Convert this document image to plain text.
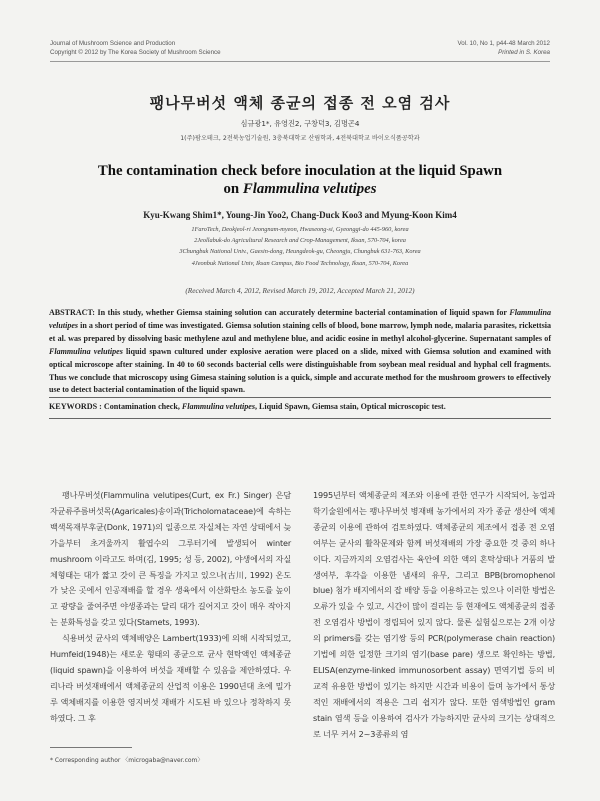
Journal of Mushroom Science and Production
Copyright © 2012 by The Korea Society of Mushroom Science
Vol. 10, No 1, p44-48 March 2012
Printed in S. Korea
팽나무버섯 액체 종균의 접종 전 오염 검사
심규광1*, 유영진2, 구창덕3, 김명곤4
1(주)팜오테크, 2전북농업기술원, 3충북대학교 산림학과, 4전북대학교 바이오식품공학과
The contamination check before inoculation at the liquid Spawn
on Flammulina velutipes
Kyu-Kwang Shim1*, Young-Jin Yoo2, Chang-Duck Koo3 and Myung-Koon Kim4
1FaroTech, Deokjeol-ri Jeongnam-myeon, Hwaseong-si, Gyeonggi-do 445-960, korea
2Jeollabuk-do Agricultural Research and Crop-Management, Iksan, 570-704, korea
3Chungbuk National Univ., Gaesin-dong, Heungdeok-gu, Cheongju, Chungbuk 631-763, Korea
4Jeonbuk National Univ, Iksan Campus, Bio Food Technology, Iksan, 570-704, Korea
(Received March 4, 2012, Revised March 19, 2012, Accepted March 21, 2012)
ABSTRACT: In this study, whether Giemsa staining solution can accurately determine bacterial contamination of liquid spawn for Flammulina velutipes in a short period of time was investigated. Giemsa solution staining cells of blood, bone marrow, lymph node, malaria parasites, rickettsia et al. was prepared by dissolving basic methylene azul and methylene blue, and acidic eosine in methyl alcohol-glycerine. Supernatant samples of Flammulina velutipes liquid spawn cultured under explosive aeration were placed on a slide, mixed with Giemsa solution and examined with optical microscope after staining. In 40 to 60 seconds bacterial cells were distinguishable from soybean meal residual and hyphal cell fragments. Thus we conclude that microscopy using Gimesa staining solution is a quick, simple and accurate method for the mushroom growers to effectively use to detect bacterial contamination of the liquid spawn.
KEYWORDS : Contamination check, Flammulina velutipes, Liquid Spawn, Giemsa stain, Optical microscopic test.

팽나무버섯(Flammulina velutipes(Curt, ex Fr.) Singer) 은담자균류주름버섯목(Agaricales)송이과(Tricholomataceae)에 속하는 백색목재부후균(Donk, 1971)의 일종으로 자실체는 자연 상태에서 늦가을부터 초겨울까지 활엽수의 그루터기에 발생되어 winter mushroom 이라고도 하며(김, 1995; 성 등, 2002), 야생에서의 자실체형태는 대가 짧고 갓이 큰 특징을 가지고 있으나(古川, 1992) 온도가 낮은 곳에서 인공재배를 할 경우 생육에서 이산화탄소 농도를 높이고 광량을 줄여주면 야생종과는 달리 대가 길어지고 갓이 매우 작아지는 분화특성을 갖고 있다(Stamets, 1993).

식용버섯 균사의 액체배양은 Lambert(1933)에 의해 시작되었고, Humfeid(1948)는 새로운 형태의 종균으로 균사 현탁액인 액체종균(liquid spawn)을 이용하여 버섯을 재배할 수 있음을 제안하였다. 우리나라 버섯재배에서 액체종균의 산업적 이용은 1990년대 초에 밀가루 액체배지를 이용한 영지버섯 재배가 시도된 바 있으나 정착하지 못하였다. 그 후

1995년부터 액체종균의 제조와 이용에 관한 연구가 시작되어, 농업과학기술원에서는 팽나무버섯 병재배 농가에서의 자가 종균 생산에 액체종균의 이용에 관하여 검토하였다. 액체종균의 제조에서 접종 전 오염 여부는 균사의 활착문제와 함께 버섯재배의 가장 중요한 것 중의 하나이다. 지금까지의 오염검사는 육안에 의한 액의 혼탁상태나 거품의 발생여부, 후각을 이용한 냄새의 유무, 그리고 BPB(bromophenol blue) 첨가 배지에서의 잡 배양 등을 이용하고는 있으나 이러한 방법은 오류가 있을 수 있고, 시간이 많이 걸리는 등 현재에도 액체종균의 접종 전 오염검사 방법이 정립되어 있지 않다. 물론 실험실으로는 2개 이상의 primers를 갖는 염기쌍 등의 PCR(polymerase chain reaction) 기법에 의한 일정한 크기의 염기(base pare) 생으로 확인하는 방법, ELISA(enzyme-linked immunosorbent assay) 면역기법 등의 비교적 유용한 방법이 있기는 하지만 시간과 비용이 들며 농가에서 통상적인 재배에서의 적용은 그리 쉽지가 않다. 또한 염색방법인 gram stain 염색 등을 이용하여 검사가 가능하지만 균사의 크기는 상대적으로 너무 커서 2~3종류의 염

* Corresponding author 〈microgaba@naver.com〉
